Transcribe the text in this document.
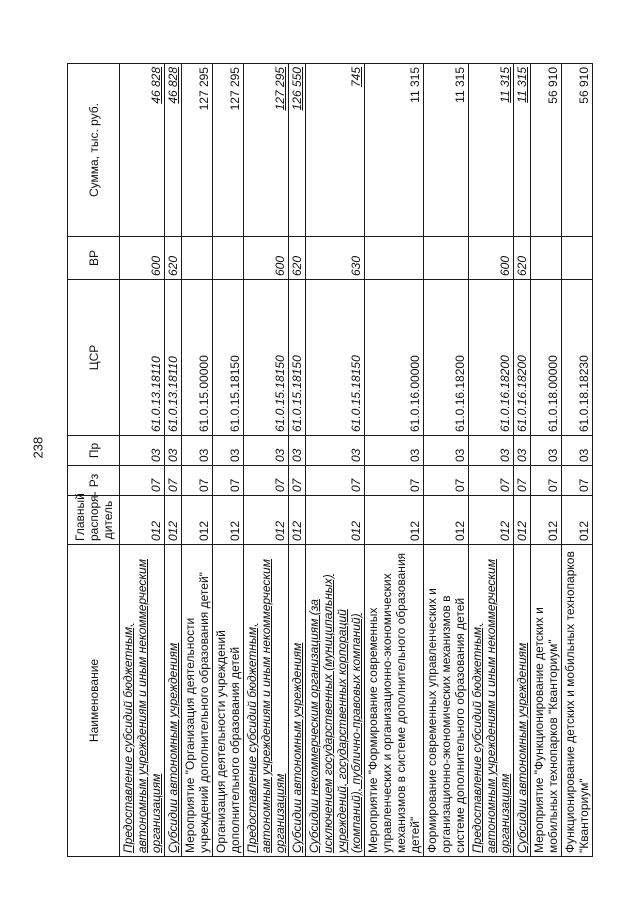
238
Наименование	Главный распоря-дитель	Рз	Пр	ЦСР	ВР	Сумма, тыс. руб.
Предоставление субсидий бюджетным, автономным учреждениям и иным некоммерческим организациям	012	07	03	61.0.13.18110	600	46 828
Субсидии автономным учреждениям	012	07	03	61.0.13.18110	620	46 828
Мероприятие "Организация деятельности учреждений дополнительного образования детей"	012	07	03	61.0.15.00000		127 295
Организация деятельности учреждений дополнительного образования детей	012	07	03	61.0.15.18150		127 295
Предоставление субсидий бюджетным, автономным учреждениям и иным некоммерческим организациям	012	07	03	61.0.15.18150	600	127 295
Субсидии автономным учреждениям	012	07	03	61.0.15.18150	620	126 550
Субсидии некоммерческим организациям (за исключением государственных (муниципальных) учреждений, государственных корпораций (компаний), публично-правовых компаний)	012	07	03	61.0.15.18150	630	745
Мероприятие "Формирование современных управленческих и организационно-экономических механизмов в системе дополнительного образования детей"	012	07	03	61.0.16.00000		11 315
Формирование современных управленческих и организационно-экономических механизмов в системе дополнительного образования детей	012	07	03	61.0.16.18200		11 315
Предоставление субсидий бюджетным, автономным учреждениям и иным некоммерческим организациям	012	07	03	61.0.16.18200	600	11 315
Субсидии автономным учреждениям	012	07	03	61.0.16.18200	620	11 315
Мероприятие "Функционирование детских и мобильных технопарков "Кванториум"	012	07	03	61.0.18.00000		56 910
Функционирование детских и мобильных технопарков "Кванториум"	012	07	03	61.0.18.18230		56 910
